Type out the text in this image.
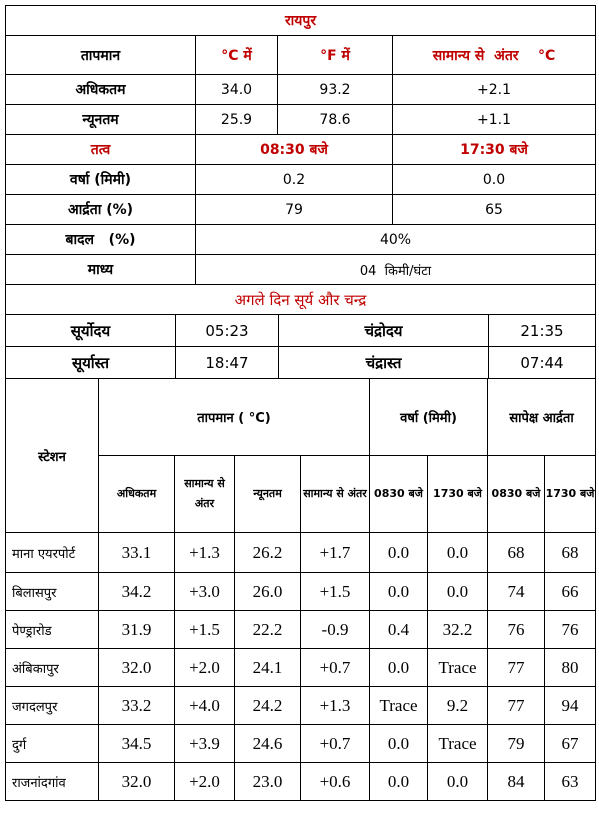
रायपुर			
तापमान	°C में	°F में	सामान्य से  अंतर    °C
अधिकतम	34.0	93.2	+2.1
न्यूनतम	25.9	78.6	+1.1
तत्व	08:30 बजे		17:30 बजे
वर्षा (मिमी)	0.2		0.0
आर्द्रता (%)	79		65
बादल   (%)	40%		
माध्य	04  किमी/घंटा		
अगले दिन सूर्य और चन्द्र			
सूर्योदय	05:23	चंद्रोदय	21:35
सूर्यास्त	18:47	चंद्रास्त	07:44
स्टेशन	तापमान ( °C)				वर्षा (मिमी)		सापेक्ष आर्द्रता	
	अधिकतम	सामान्य से अंतर	न्यूनतम	सामान्य से अंतर	0830 बजे	1730 बजे	0830 बजे	1730 बजे
माना एयरपोर्ट	33.1	+1.3	26.2	+1.7	0.0	0.0	68	68
बिलासपुर	34.2	+3.0	26.0	+1.5	0.0	0.0	74	66
पेण्ड्रारोड	31.9	+1.5	22.2	-0.9	0.4	32.2	76	76
अंबिकापुर	32.0	+2.0	24.1	+0.7	0.0	Trace	77	80
जगदलपुर	33.2	+4.0	24.2	+1.3	Trace	9.2	77	94
दुर्ग	34.5	+3.9	24.6	+0.7	0.0	Trace	79	67
राजनांदगांव	32.0	+2.0	23.0	+0.6	0.0	0.0	84	63
